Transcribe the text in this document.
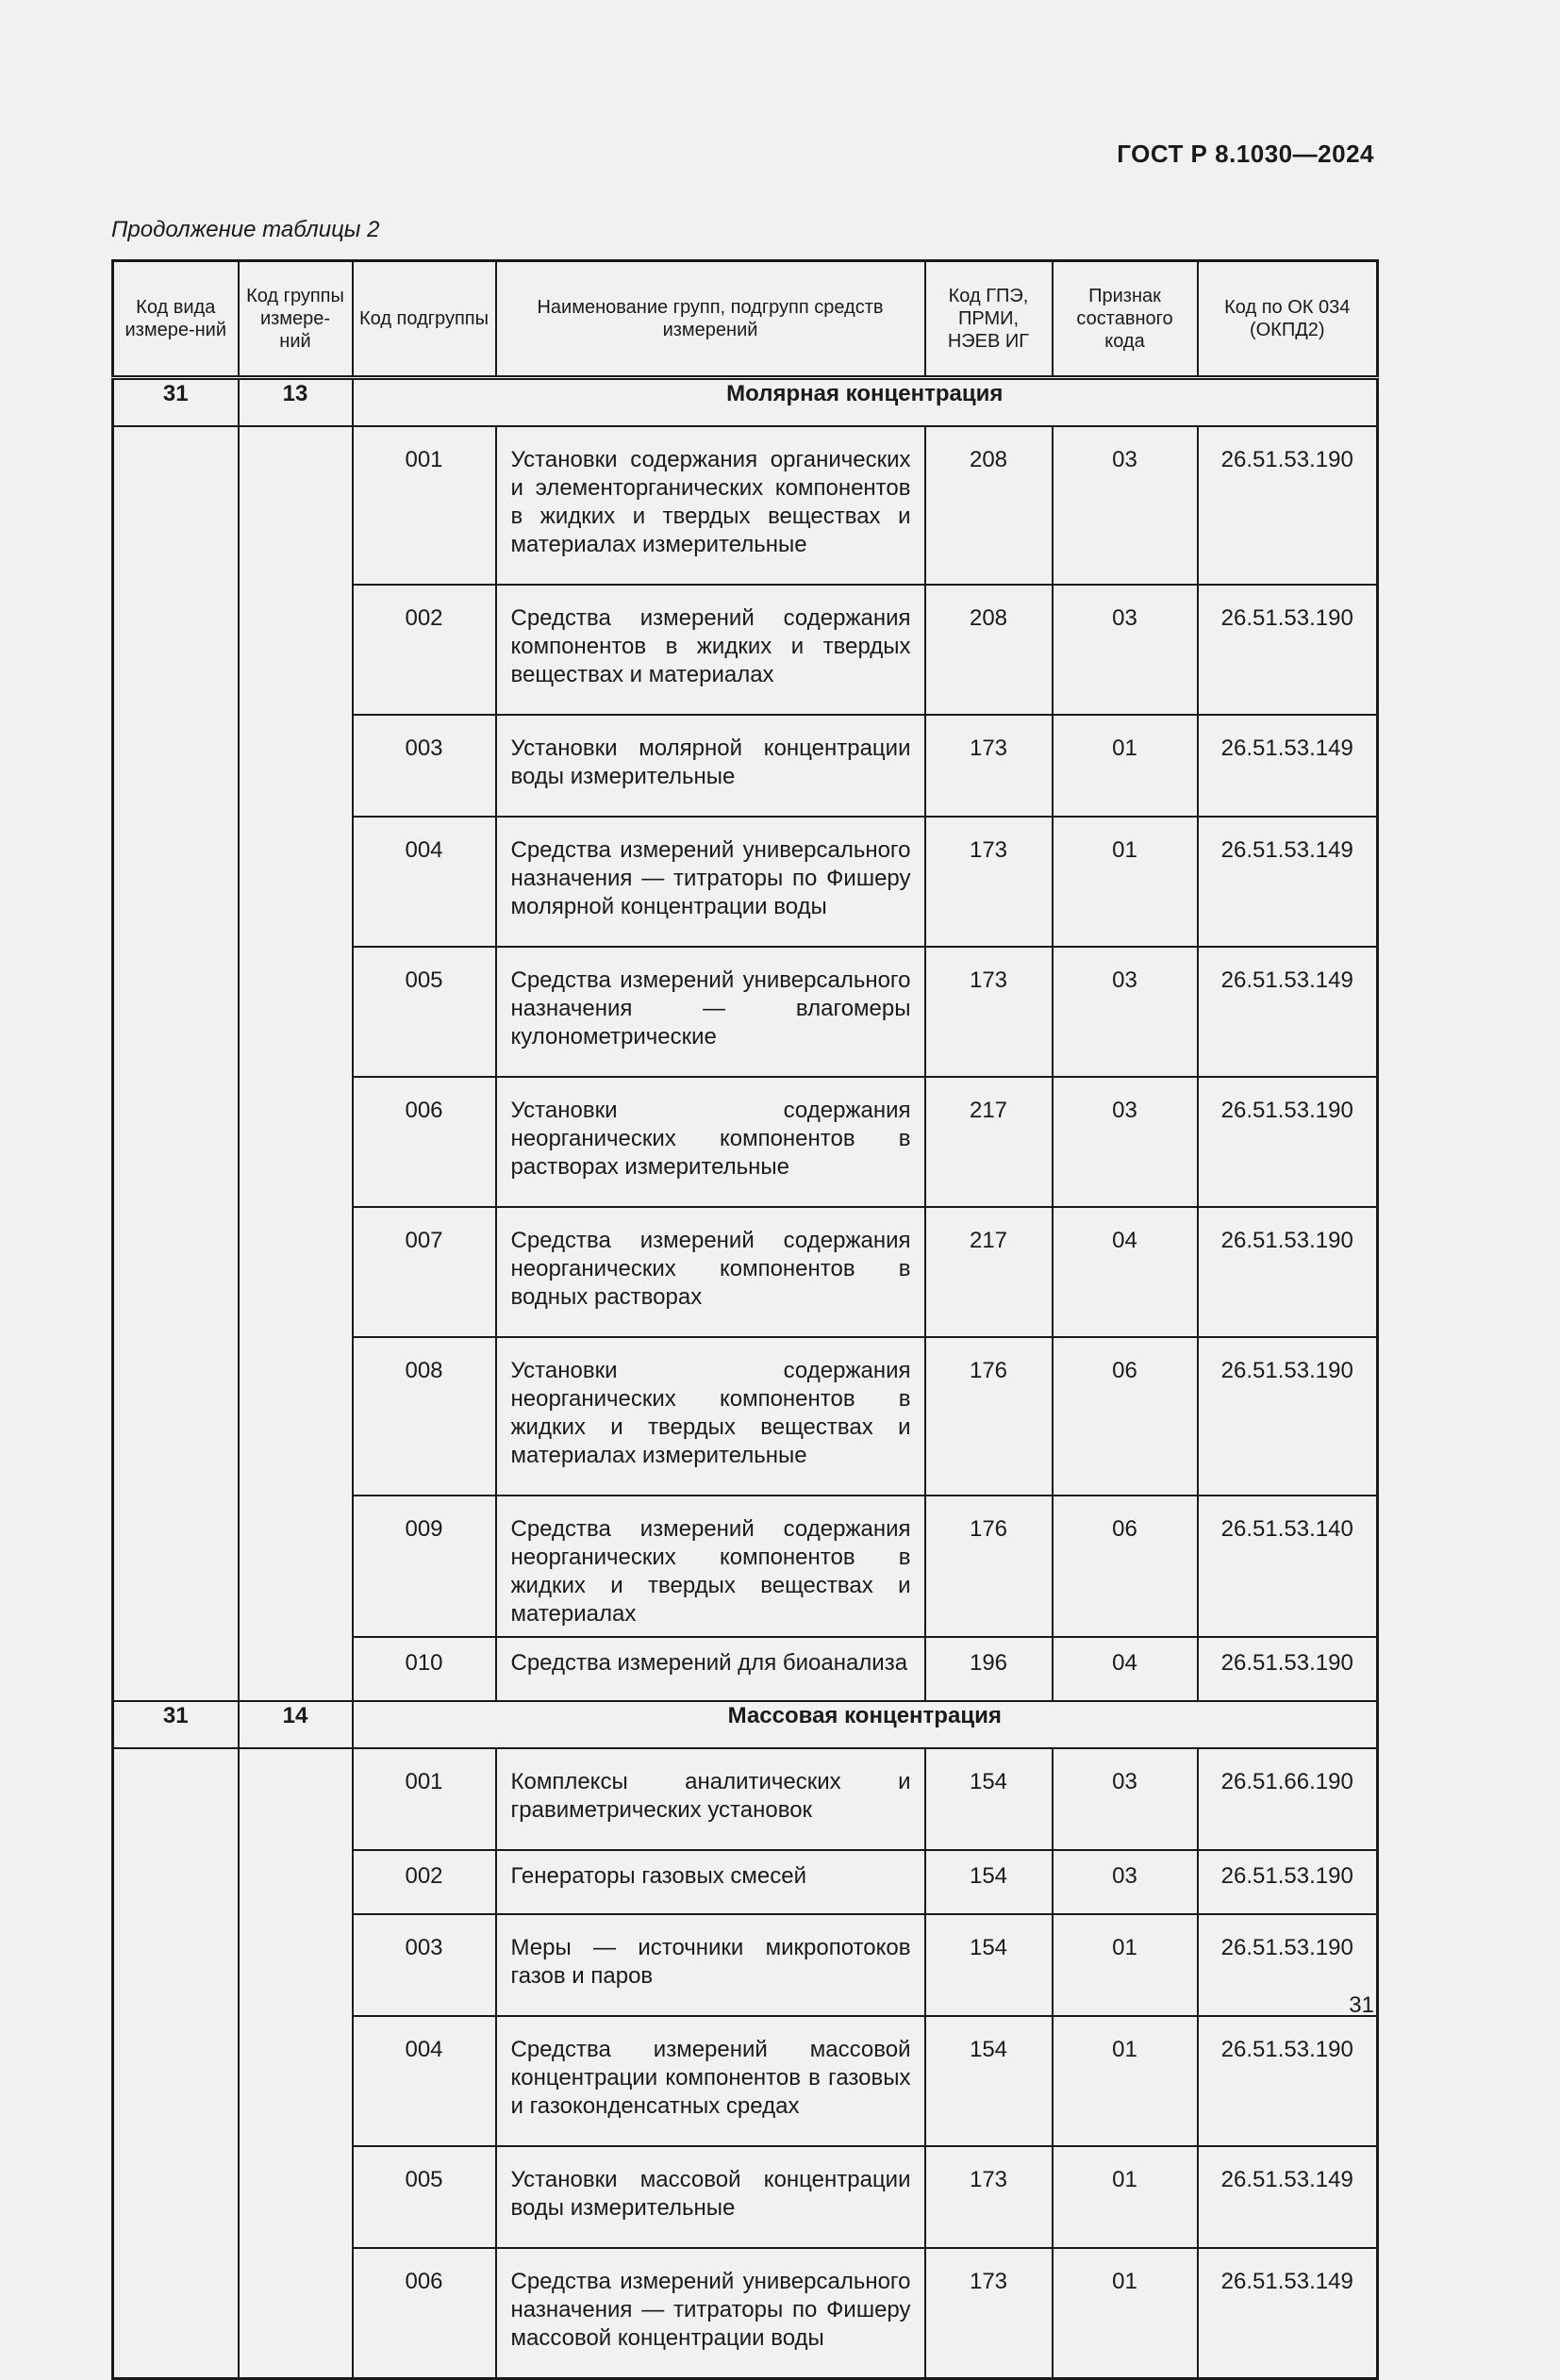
ГОСТ Р 8.1030—2024
Продолжение таблицы 2
Код вида измере-ний	Код группы измере-ний	Код подгруппы	Наименование групп, подгрупп средств измерений	Код ГПЭ, ПРМИ, НЭЕВ ИГ	Признак составного кода	Код по ОК 034 (ОКПД2)
31	13	Молярная концентрация				
		001	Установки содержания органических и элементорганических компонентов в жидких и твердых веществах и материалах измерительные	208	03	26.51.53.190
		002	Средства измерений содержания компонентов в жидких и твердых веществах и материалах	208	03	26.51.53.190
		003	Установки молярной концентрации воды измерительные	173	01	26.51.53.149
		004	Средства измерений универсального назначения — титраторы по Фишеру молярной концентрации воды	173	01	26.51.53.149
		005	Средства измерений универсального назначения — влагомеры кулонометрические	173	03	26.51.53.149
		006	Установки содержания неорганических компонентов в растворах измерительные	217	03	26.51.53.190
		007	Средства измерений содержания неорганических компонентов в водных растворах	217	04	26.51.53.190
		008	Установки содержания неорганических компонентов в жидких и твердых веществах и материалах измерительные	176	06	26.51.53.190
		009	Средства измерений содержания неорганических компонентов в жидких и твердых веществах и материалах	176	06	26.51.53.140
		010	Средства измерений для биоанализа	196	04	26.51.53.190
31	14	Массовая концентрация				
		001	Комплексы аналитических и гравиметрических установок	154	03	26.51.66.190
		002	Генераторы газовых смесей	154	03	26.51.53.190
		003	Меры — источники микропотоков газов и паров	154	01	26.51.53.190
		004	Средства измерений массовой концентрации компонентов в газовых и газоконденсатных средах	154	01	26.51.53.190
		005	Установки массовой концентрации воды измерительные	173	01	26.51.53.149
		006	Средства измерений универсального назначения — титраторы по Фишеру массовой концентрации воды	173	01	26.51.53.149
31
